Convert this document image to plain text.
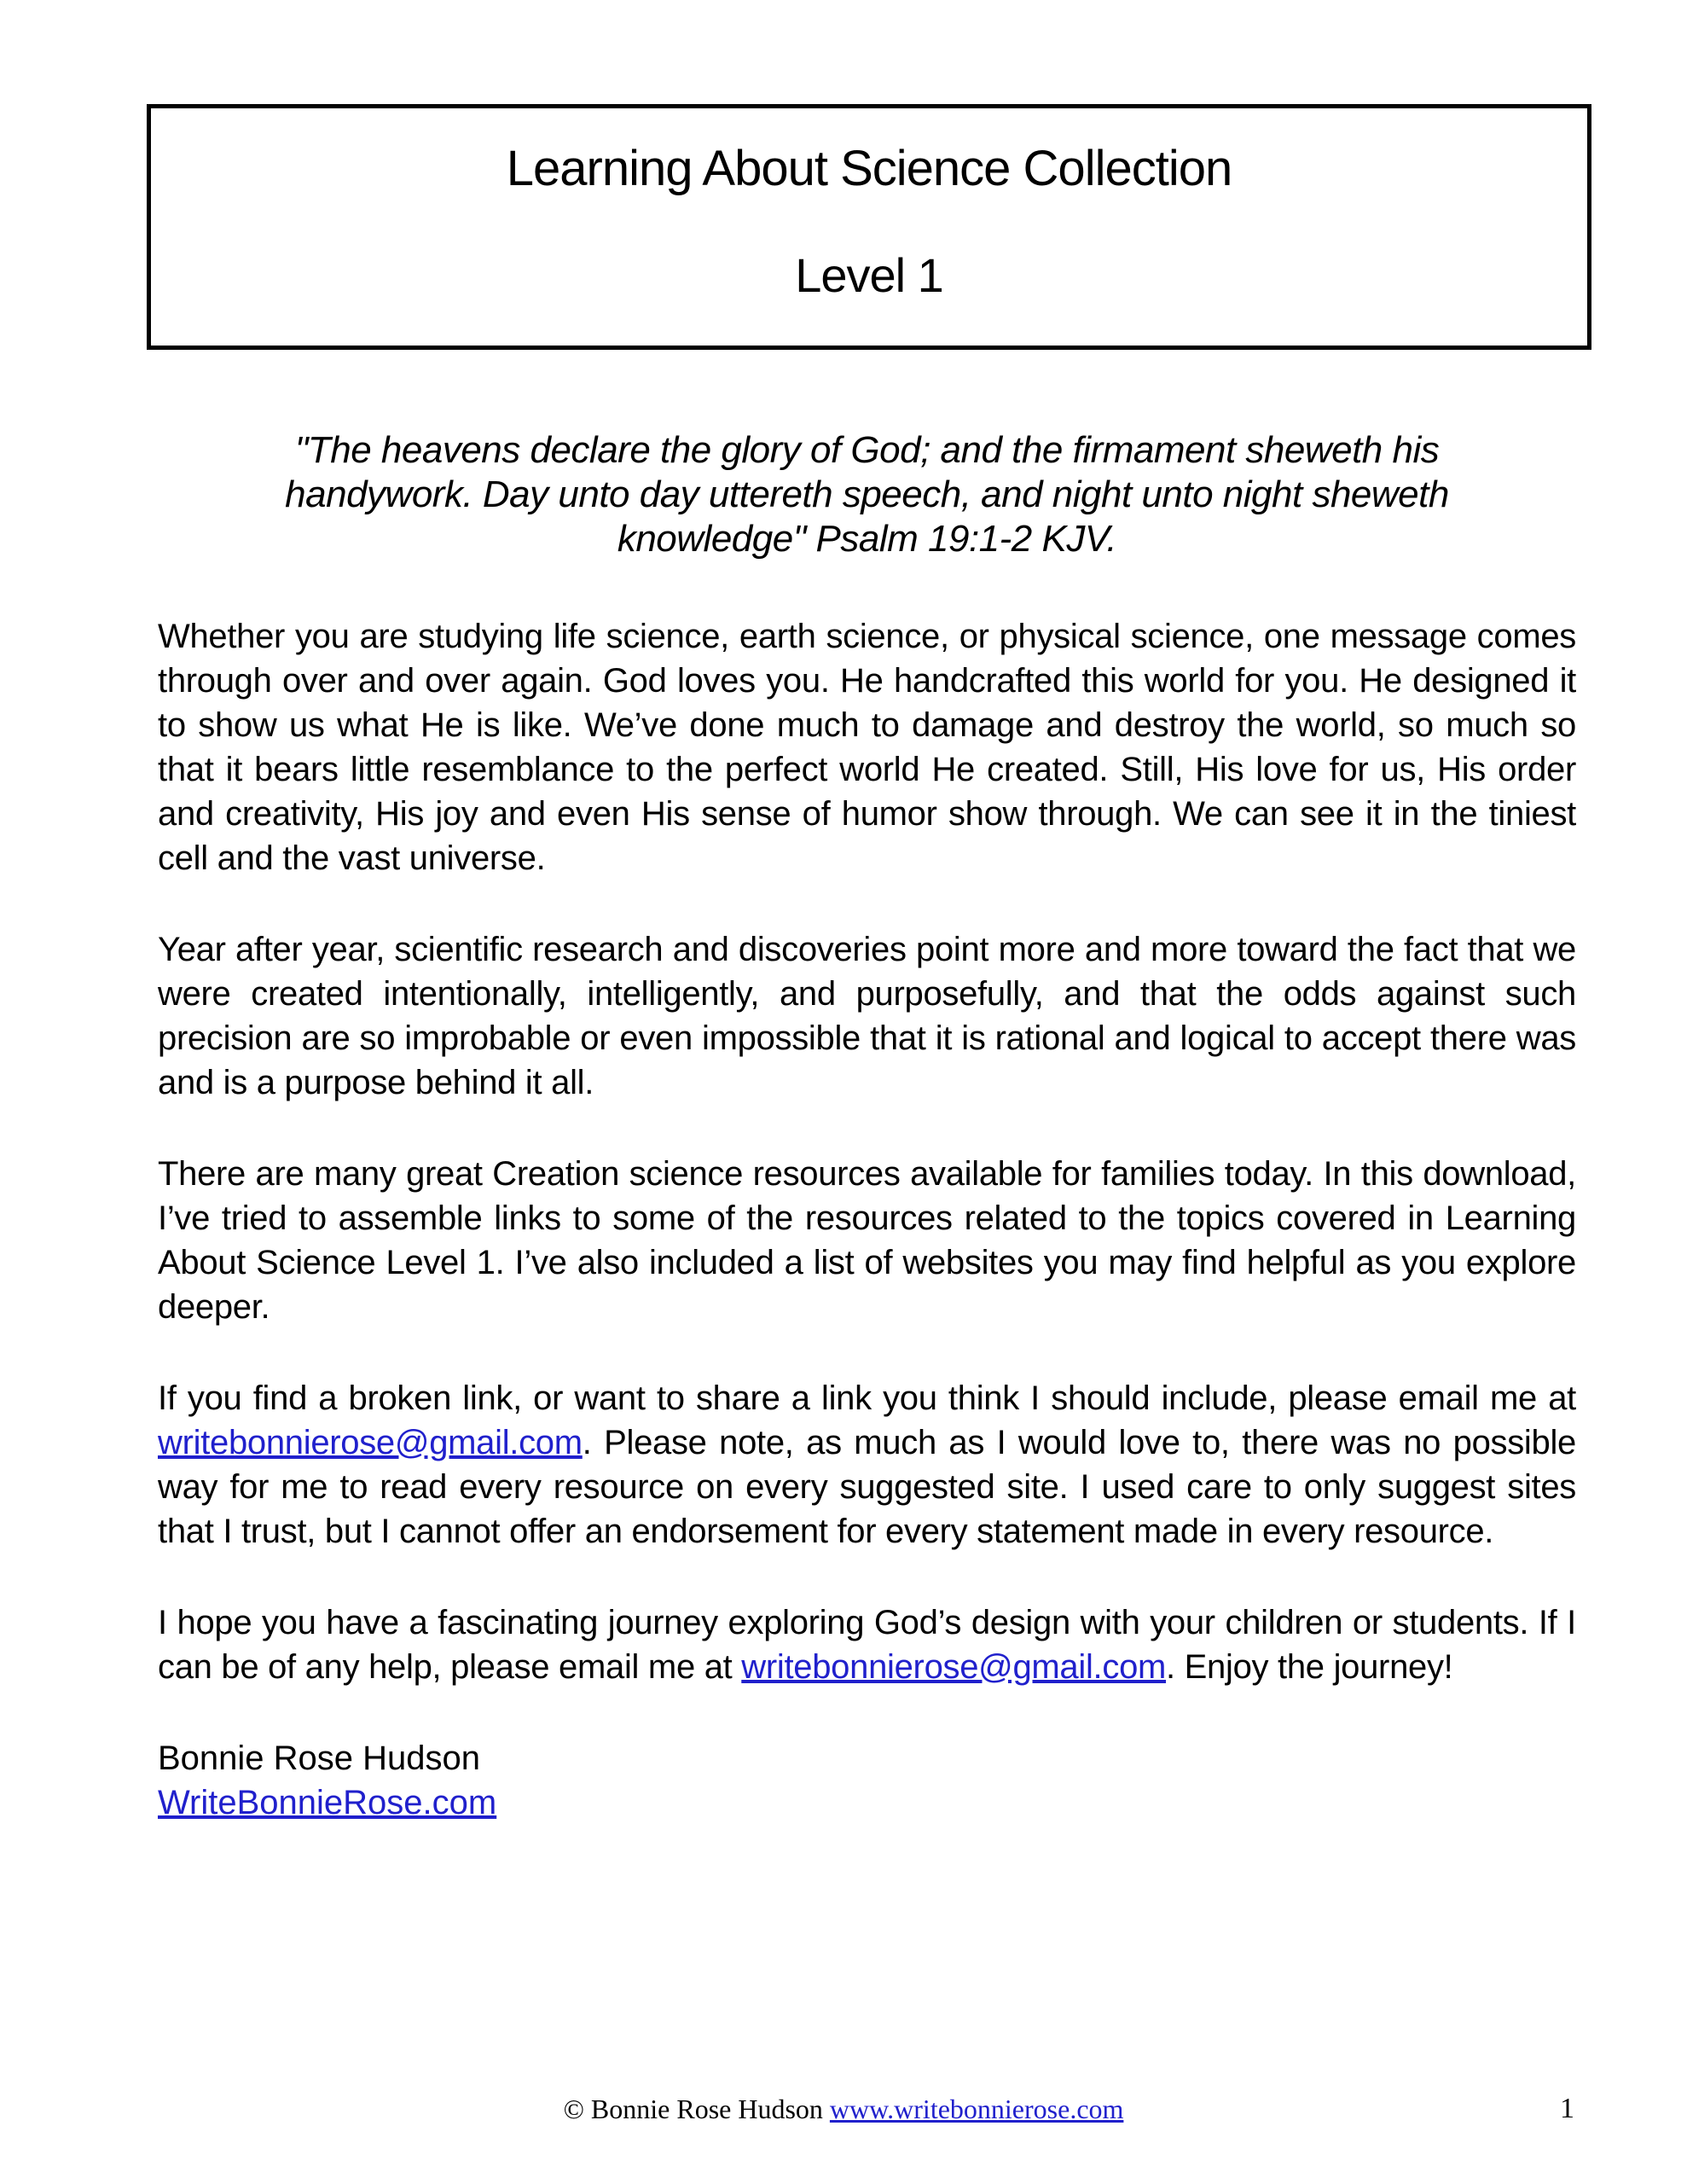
Learning About Science Collection
Level 1
"The heavens declare the glory of God; and the firmament sheweth his handywork. Day unto day uttereth speech, and night unto night sheweth knowledge" Psalm 19:1-2 KJV.

Whether you are studying life science, earth science, or physical science, one message comes through over and over again. God loves you. He handcrafted this world for you. He designed it to show us what He is like. We’ve done much to damage and destroy the world, so much so that it bears little resemblance to the perfect world He created. Still, His love for us, His order and creativity, His joy and even His sense of humor show through. We can see it in the tiniest cell and the vast universe.

Year after year, scientific research and discoveries point more and more toward the fact that we were created intentionally, intelligently, and purposefully, and that the odds against such precision are so improbable or even impossible that it is rational and logical to accept there was and is a purpose behind it all.

There are many great Creation science resources available for families today. In this download, I’ve tried to assemble links to some of the resources related to the topics covered in Learning About Science Level 1. I’ve also included a list of websites you may find helpful as you explore deeper.

If you find a broken link, or want to share a link you think I should include, please email me at writebonnierose@gmail.com. Please note, as much as I would love to, there was no possible way for me to read every resource on every suggested site. I used care to only suggest sites that I trust, but I cannot offer an endorsement for every statement made in every resource.

I hope you have a fascinating journey exploring God’s design with your children or students. If I can be of any help, please email me at writebonnierose@gmail.com. Enjoy the journey!

Bonnie Rose Hudson
WriteBonnieRose.com

© Bonnie Rose Hudson www.writebonnierose.com	1
